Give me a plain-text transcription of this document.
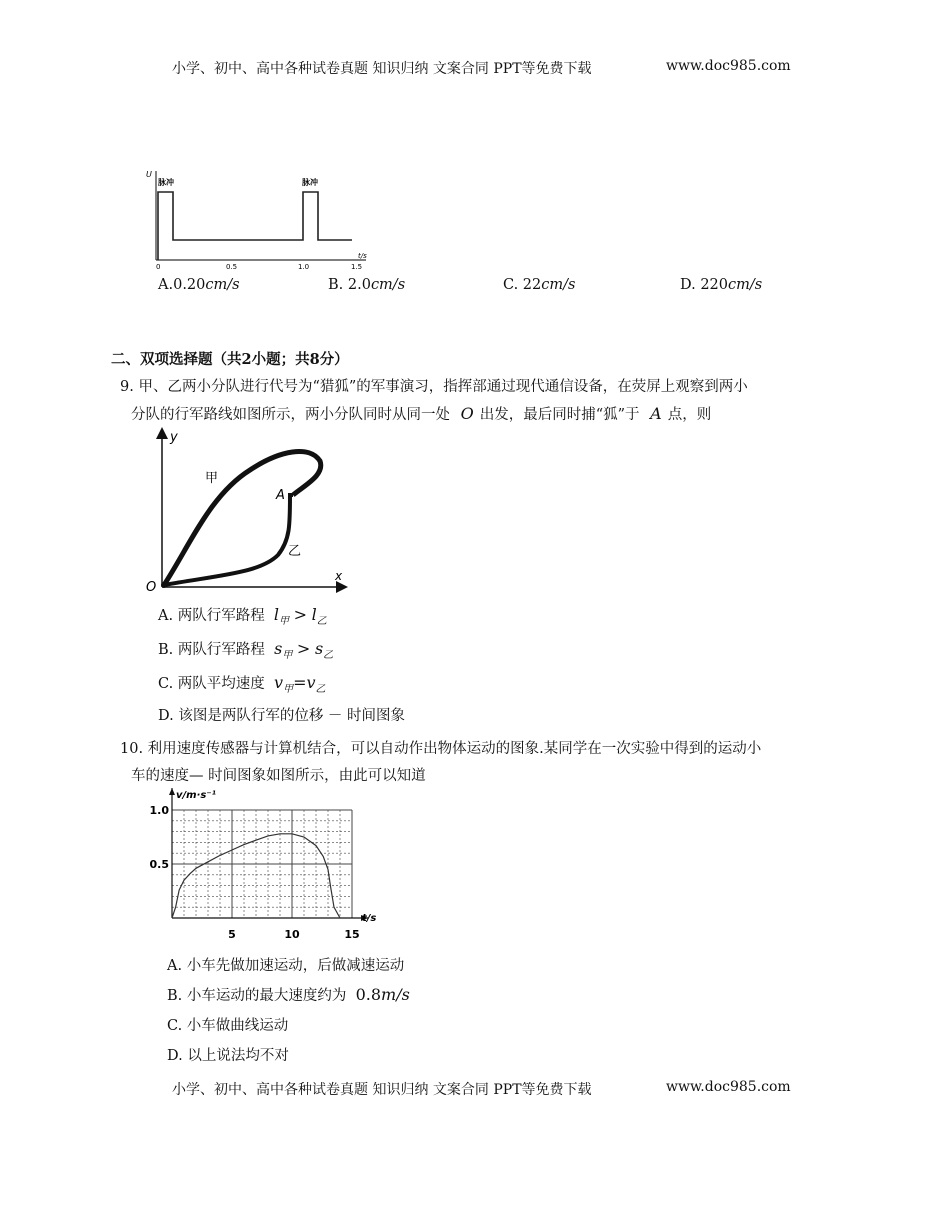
小学、初中、高中各种试卷真题 知识归纳 文案合同 PPT等免费下载	www.doc985.com
U
t/s
脉冲	脉冲
0	0.5	1.0	1.5
A.0.20cm/s	B. 2.0cm/s	C. 22cm/s	D. 220cm/s
二、双项选择题（共2小题；共8分）
9. 甲、乙两小分队进行代号为“猎狐”的军事演习，指挥部通过现代通信设备，在荧屏上观察到两小
分队的行军路线如图所示，两小分队同时从同一处 O 出发，最后同时捕“狐”于 A 点，则
y
x
O
甲
A
乙
A. 两队行军路程 $l_甲 > l_乙$
B. 两队行军路程 $s_甲 > s_乙$
C. 两队平均速度 $v_甲=v_乙$
D. 该图是两队行军的位移 － 时间图象
10. 利用速度传感器与计算机结合，可以自动作出物体运动的图象.某同学在一次实验中得到的运动小
车的速度— 时间图象如图所示，由此可以知道
v/m·s⁻¹
t/s
1.0
0.5
5	10	15
A. 小车先做加速运动，后做减速运动
B. 小车运动的最大速度约为 0.8m/s
C. 小车做曲线运动
D. 以上说法均不对
小学、初中、高中各种试卷真题 知识归纳 文案合同 PPT等免费下载	www.doc985.com
